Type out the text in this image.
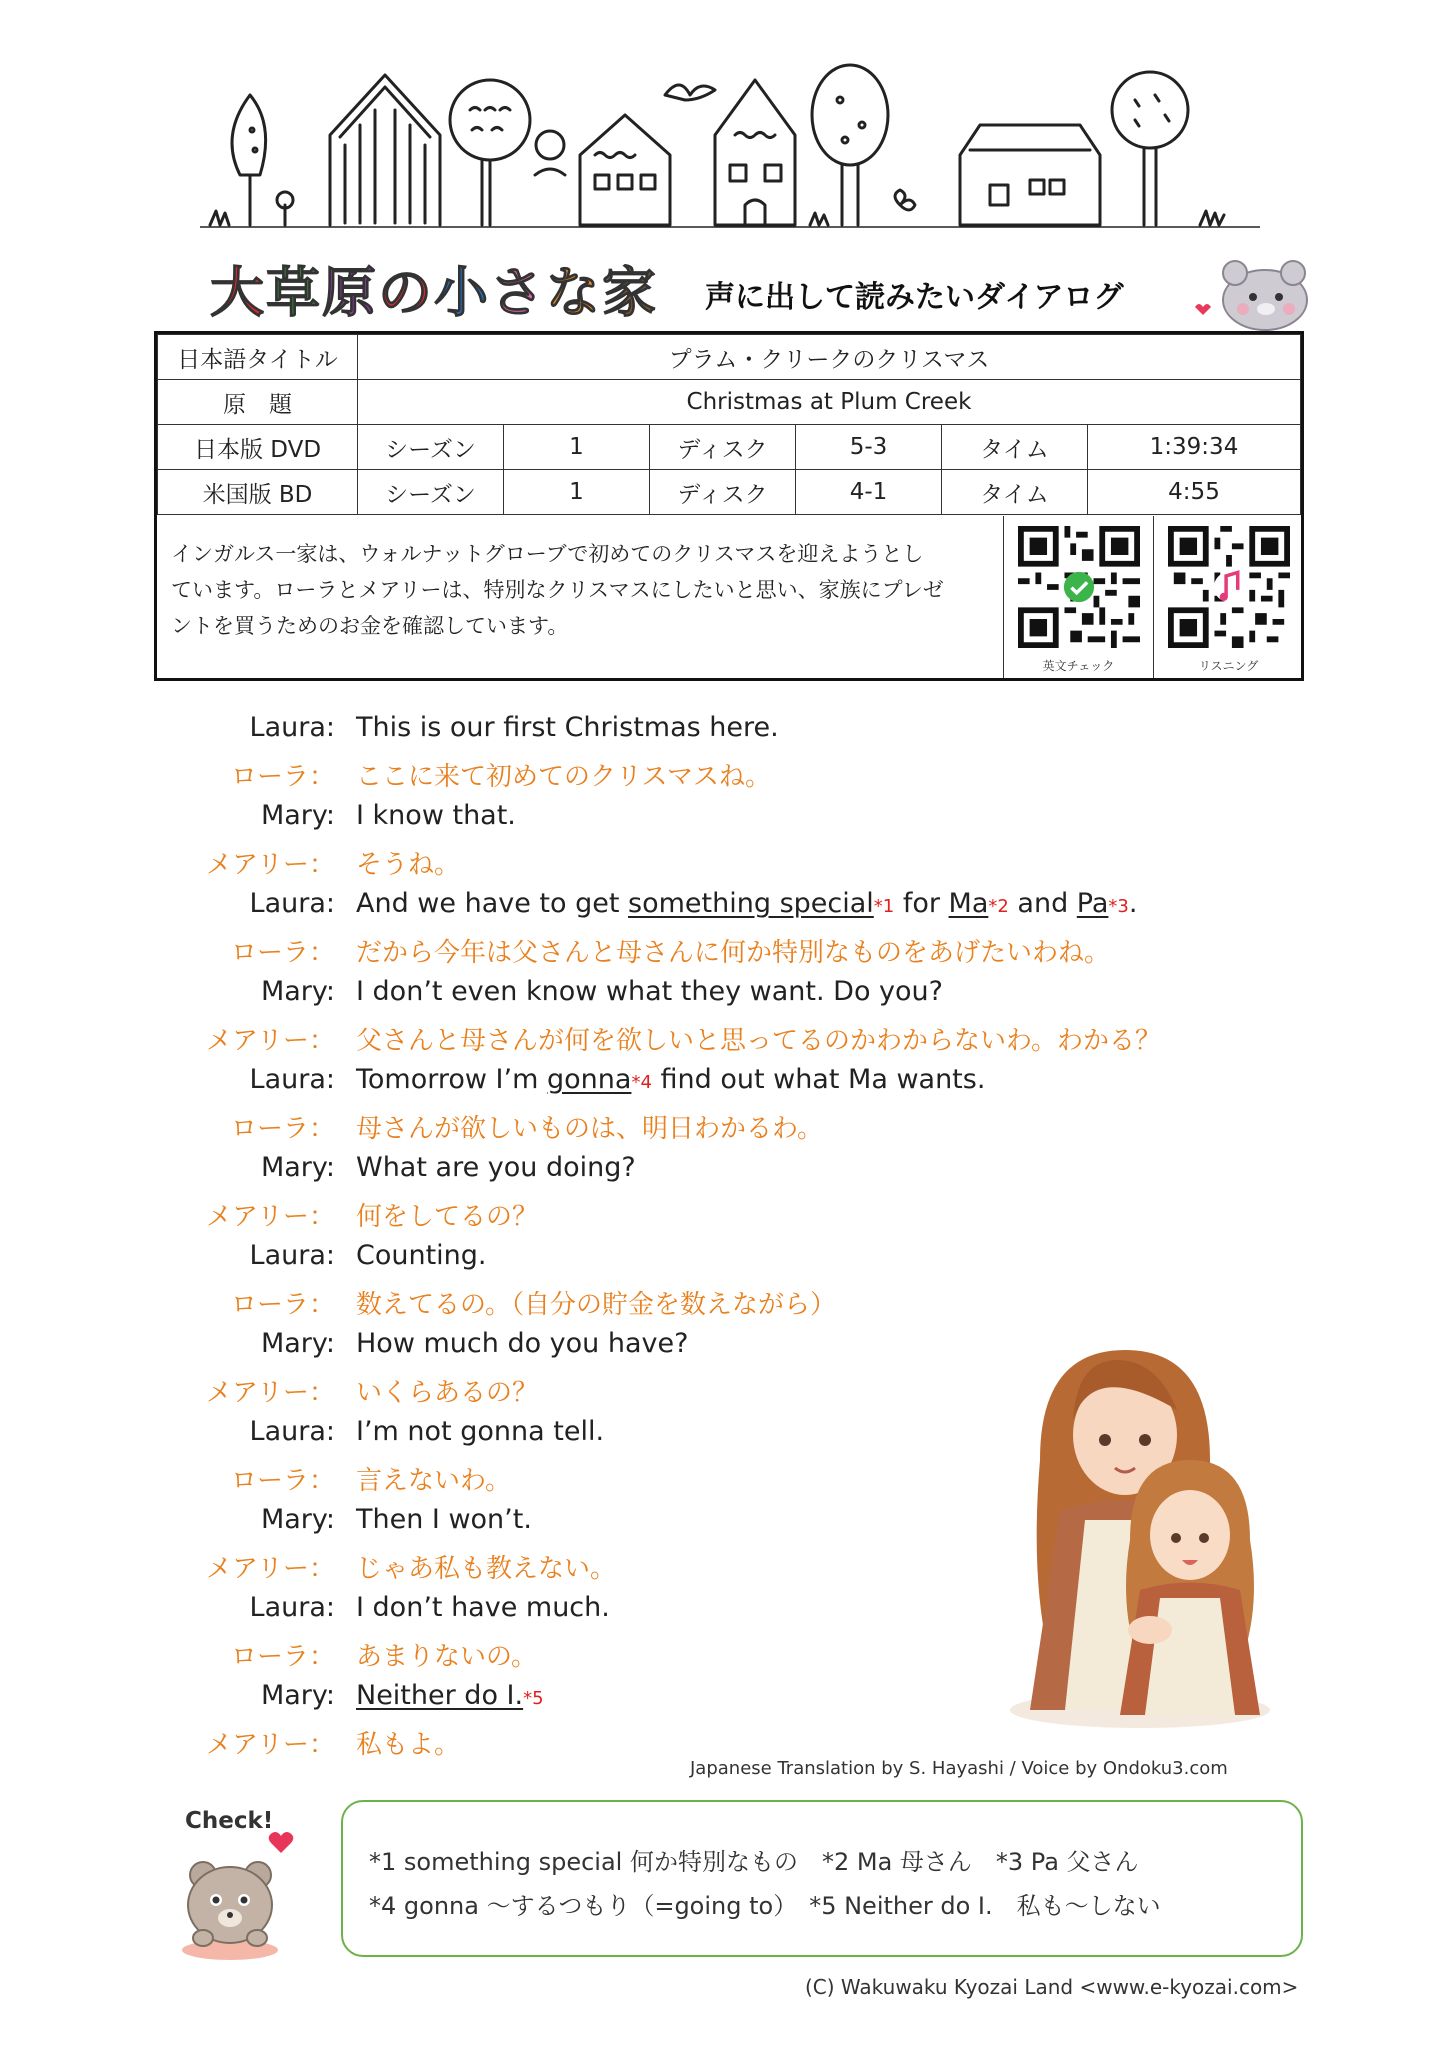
大草原の小さな家 声に出して読みたいダイアログ
日本語タイトル	プラム・クリークのクリスマス					
原　題	Christmas at Plum Creek					
日本版 DVD	シーズン	1	ディスク	5-3	タイム	1:39:34
米国版 BD	シーズン	1	ディスク	4-1	タイム	4:55
インガルス一家は、ウォルナットグローブで初めてのクリスマスを迎えようとし
ています。ローラとメアリーは、特別なクリスマスにしたいと思い、家族にプレゼ
ントを買うためのお金を確認しています。
英文チェック	リスニング
Laura: This is our first Christmas here.
ローラ： ここに来て初めてのクリスマスね。
Mary: I know that.
メアリー： そうね。
Laura: And we have to get something special*1 for Ma*2 and Pa*3.
ローラ： だから今年は父さんと母さんに何か特別なものをあげたいわね。
Mary: I don’t even know what they want. Do you?
メアリー： 父さんと母さんが何を欲しいと思ってるのかわからないわ。わかる？
Laura: Tomorrow I’m gonna*4 find out what Ma wants.
ローラ： 母さんが欲しいものは、明日わかるわ。
Mary: What are you doing?
メアリー： 何をしてるの？
Laura: Counting.
ローラ： 数えてるの。（自分の貯金を数えながら）
Mary: How much do you have?
メアリー： いくらあるの？
Laura: I’m not gonna tell.
ローラ： 言えないわ。
Mary: Then I won’t.
メアリー： じゃあ私も教えない。
Laura: I don’t have much.
ローラ： あまりないの。
Mary: Neither do I.*5
メアリー： 私もよ。
Japanese Translation by S. Hayashi / Voice by Ondoku3.com
Check!
*1 something special 何か特別なもの　*2 Ma 母さん　*3 Pa 父さん
*4 gonna ～するつもり（=going to）　*5 Neither do I.　私も～しない
(C) Wakuwaku Kyozai Land <www.e-kyozai.com>
